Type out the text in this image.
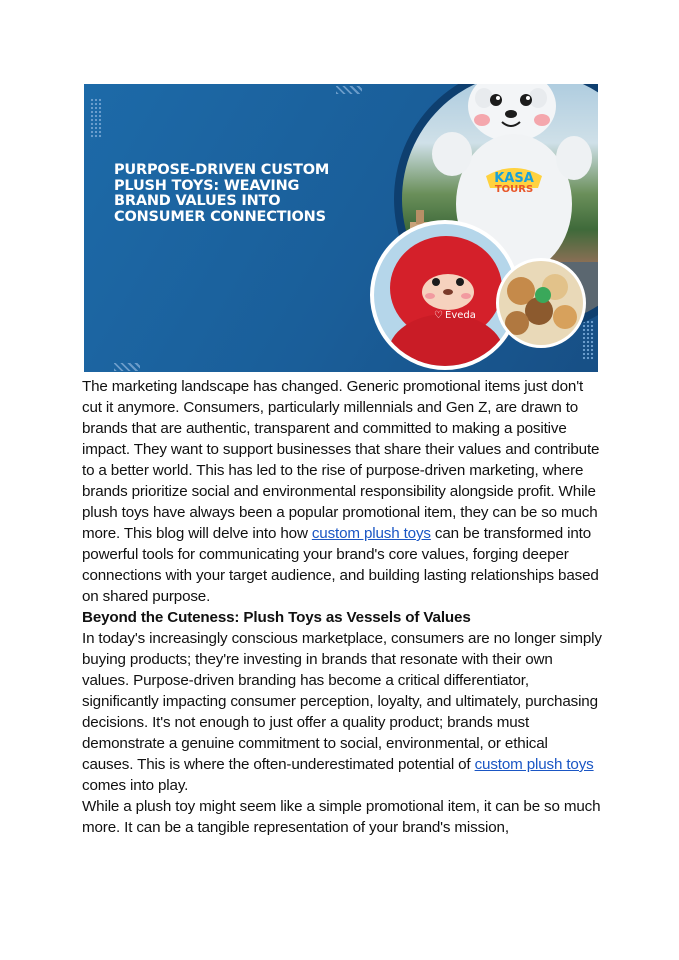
PURPOSE-DRIVEN CUSTOM PLUSH TOYS: WEAVING BRAND VALUES INTO CONSUMER CONNECTIONS
KASA
TOURS
♡ Eveda

The marketing landscape has changed. Generic promotional items just don't cut it anymore. Consumers, particularly millennials and Gen Z, are drawn to brands that are authentic, transparent and committed to making a positive impact. They want to support businesses that share their values and contribute to a better world. This has led to the rise of purpose-driven marketing, where brands prioritize social and environmental responsibility alongside profit. While plush toys have always been a popular promotional item, they can be so much more. This blog will delve into how custom plush toys can be transformed into powerful tools for communicating your brand's core values, forging deeper connections with your target audience, and building lasting relationships based on shared purpose.

Beyond the Cuteness: Plush Toys as Vessels of Values

In today's increasingly conscious marketplace, consumers are no longer simply buying products; they're investing in brands that resonate with their own values. Purpose-driven branding has become a critical differentiator, significantly impacting consumer perception, loyalty, and ultimately, purchasing decisions. It's not enough to just offer a quality product; brands must demonstrate a genuine commitment to social, environmental, or ethical causes. This is where the often-underestimated potential of custom plush toys comes into play.

While a plush toy might seem like a simple promotional item, it can be so much more. It can be a tangible representation of your brand's mission,
